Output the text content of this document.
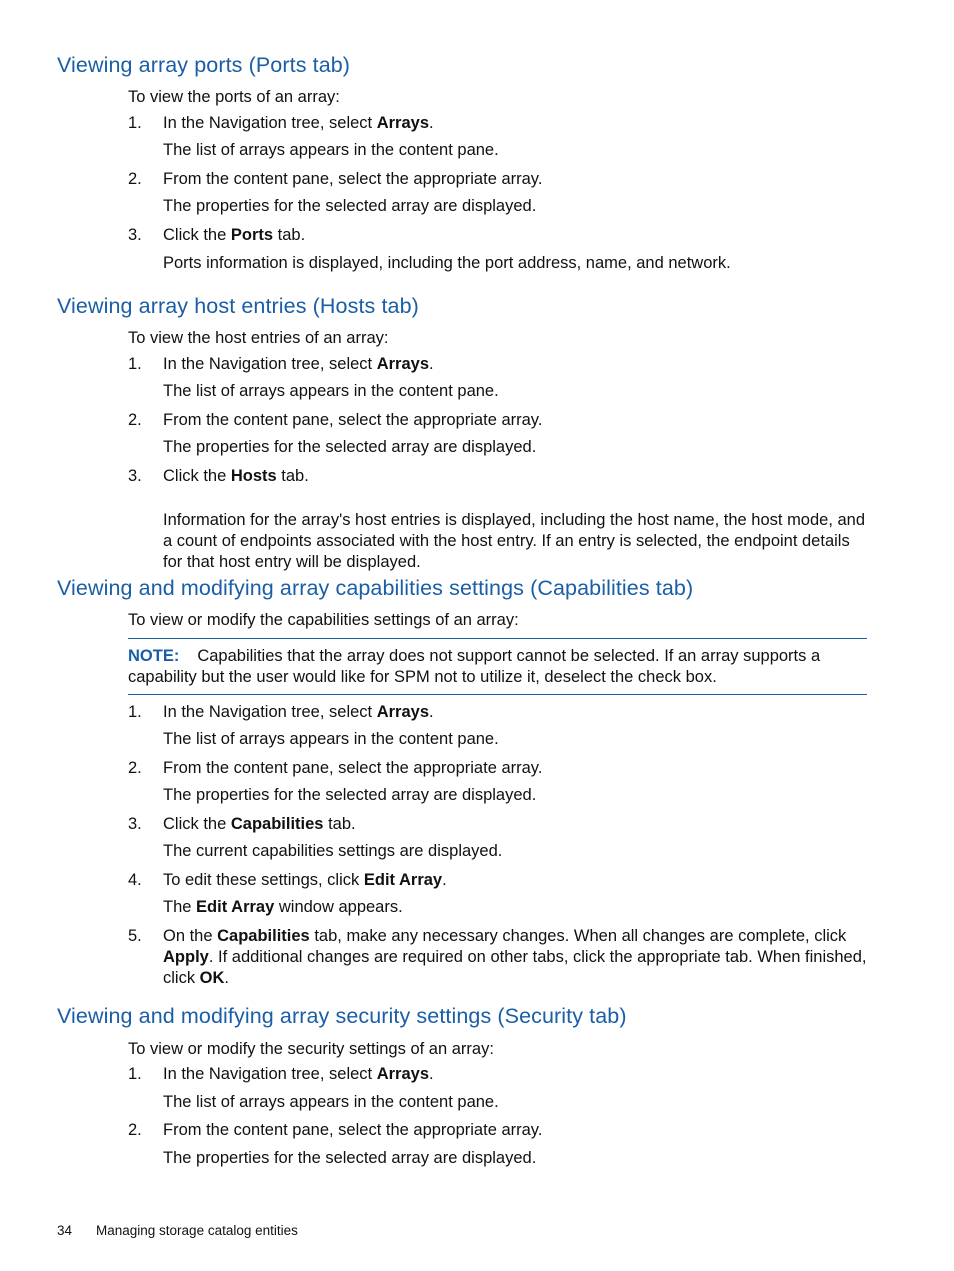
Viewing array ports (Ports tab)

To view the ports of an array:

1. In the Navigation tree, select Arrays.

The list of arrays appears in the content pane.

2. From the content pane, select the appropriate array.

The properties for the selected array are displayed.

3. Click the Ports tab.

Ports information is displayed, including the port address, name, and network.

Viewing array host entries (Hosts tab)

To view the host entries of an array:

1. In the Navigation tree, select Arrays.

The list of arrays appears in the content pane.

2. From the content pane, select the appropriate array.

The properties for the selected array are displayed.

3. Click the Hosts tab.

Information for the array's host entries is displayed, including the host name, the host mode, and a count of endpoints associated with the host entry. If an entry is selected, the endpoint details for that host entry will be displayed.

Viewing and modifying array capabilities settings (Capabilities tab)

To view or modify the capabilities settings of an array:

NOTE: Capabilities that the array does not support cannot be selected. If an array supports a capability but the user would like for SPM not to utilize it, deselect the check box.

1. In the Navigation tree, select Arrays.

The list of arrays appears in the content pane.

2. From the content pane, select the appropriate array.

The properties for the selected array are displayed.

3. Click the Capabilities tab.

The current capabilities settings are displayed.

4. To edit these settings, click Edit Array.

The Edit Array window appears.

5. On the Capabilities tab, make any necessary changes. When all changes are complete, click Apply. If additional changes are required on other tabs, click the appropriate tab. When finished, click OK.

Viewing and modifying array security settings (Security tab)

To view or modify the security settings of an array:

1. In the Navigation tree, select Arrays.

The list of arrays appears in the content pane.

2. From the content pane, select the appropriate array.

The properties for the selected array are displayed.

34 Managing storage catalog entities
